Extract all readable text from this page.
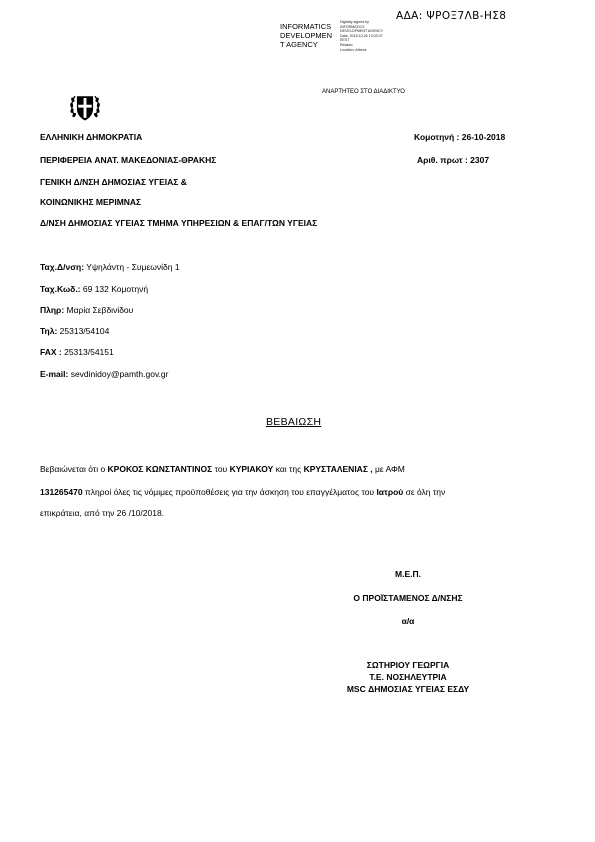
ΑΔΑ: ΨΡΟΞ7ΛΒ-ΗΣ8
INFORMATICS
DEVELOPMEN
T AGENCY
Digitally signed by
INFORMATICS
DEVELOPMENT AGENCY
Date: 2018.10.26 13:03:37
EEST
Reason:
Location: Athens
ΑΝΑΡΤΗΤΕΟ ΣΤΟ ΔΙΑΔΙΚΤΥΟ
ΕΛΛΗΝΙΚΗ ΔΗΜΟΚΡΑΤΙΑ	Κομοτηνή : 26-10-2018
ΠΕΡΙΦΕΡΕΙΑ ΑΝΑΤ. ΜΑΚΕΔΟΝΙΑΣ-ΘΡΑΚΗΣ	Αριθ. πρωτ : 2307
ΓΕΝΙΚΗ Δ/ΝΣΗ ΔΗΜΟΣΙΑΣ ΥΓΕΙΑΣ &
ΚΟΙΝΩΝΙΚΗΣ ΜΕΡΙΜΝΑΣ
Δ/ΝΣΗ ΔΗΜΟΣΙΑΣ ΥΓΕΙΑΣ ΤΜΗΜΑ ΥΠΗΡΕΣΙΩΝ & ΕΠΑΓ/ΤΩΝ ΥΓΕΙΑΣ
Ταχ.Δ/νση: Υψηλάντη - Συμεωνίδη 1
Ταχ.Κωδ.: 69 132 Κομοτηνή
Πληρ: Μαρία Σεβδινίδου
Τηλ: 25313/54104
FAX : 25313/54151
E-mail: sevdinidoy@pamth.gov.gr
ΒΕΒΑΙΩΣΗ
Βεβαιώνεται ότι ο ΚΡΟΚΟΣ ΚΩΝΣΤΑΝΤΙΝΟΣ του ΚΥΡΙΑΚΟΥ και της ΚΡΥΣΤΑΛΕΝΙΑΣ , με ΑΦΜ
131265470 πληροί όλες τις νόμιμες προϋποθέσεις για την άσκηση του επαγγέλματος του Ιατρού σε όλη την
επικράτεια, από την 26 /10/2018.
Μ.Ε.Π.
Ο ΠΡΟΪΣΤΑΜΕΝΟΣ Δ/ΝΣΗΣ
α/α
ΣΩΤΗΡΙΟΥ ΓΕΩΡΓΙΑ
Τ.Ε. ΝΟΣΗΛΕΥΤΡΙΑ
MSC ΔΗΜΟΣΙΑΣ ΥΓΕΙΑΣ ΕΣΔΥ
